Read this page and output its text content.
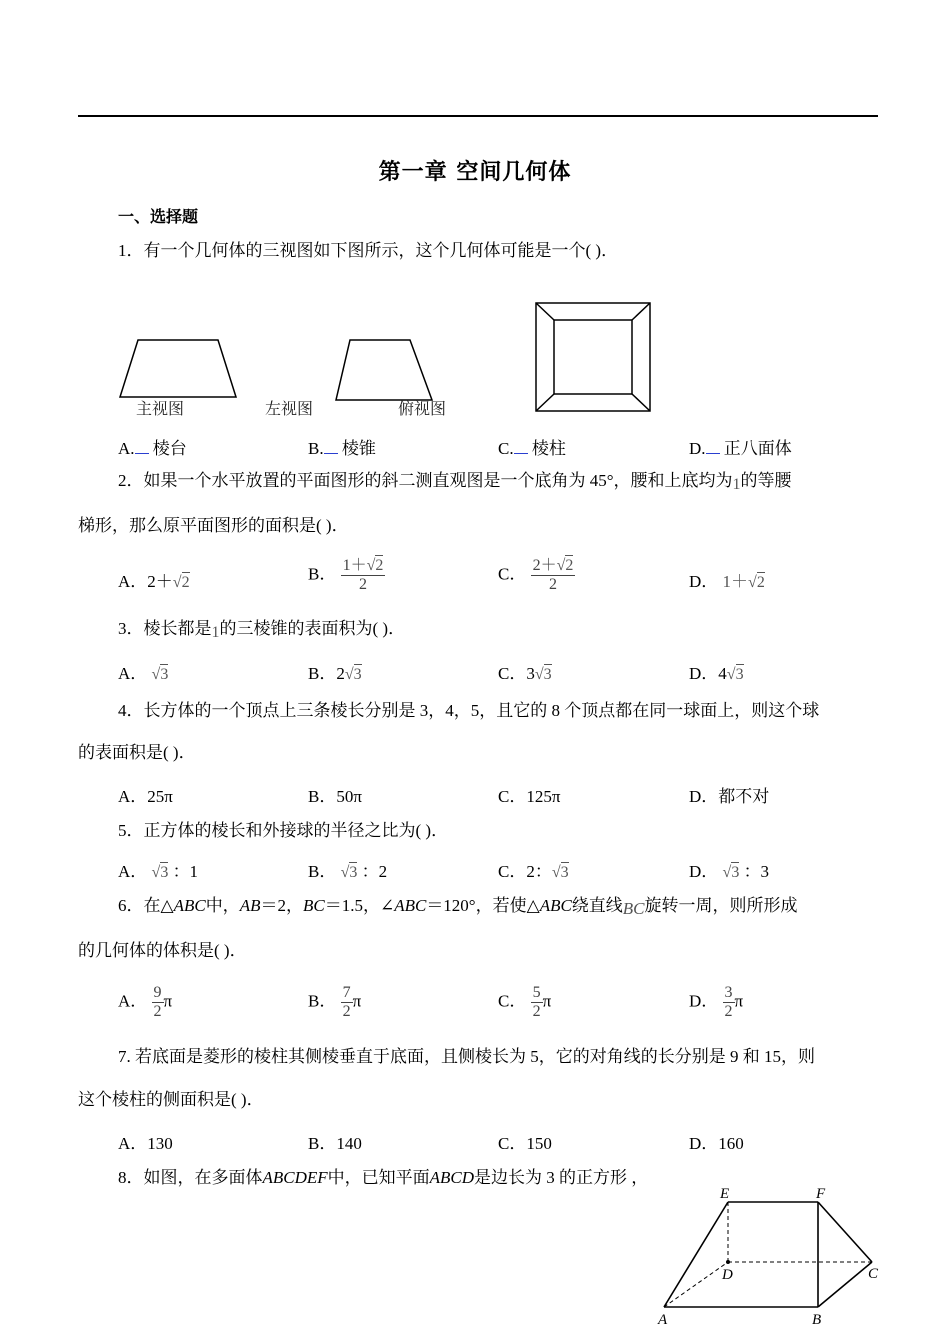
第一章 空间几何体
一、选择题
1．有一个几何体的三视图如下图所示，这个几何体可能是一个( )．
主视图	左视图	俯视图
A. 棱台	B. 棱锥	C. 棱柱	D. 正八面体
2．如果一个水平放置的平面图形的斜二测直观图是一个底角为 45°，腰和上底均为1的等腰
梯形，那么原平面图形的面积是( )．
A．2＋√2	B． $\frac{1+√2}{2}$	C． $\frac{2+√2}{2}$	D． 1＋√2
3．棱长都是1的三棱锥的表面积为( )．
A． √3	B．2√3	C．3√3	D．4√3
4．长方体的一个顶点上三条棱长分别是 3，4，5，且它的 8 个顶点都在同一球面上，则这个球
的表面积是( )．
A．25π	B．50π	C．125π	D．都不对
5．正方体的棱长和外接球的半径之比为( )．
A． √3 ：1	B． √3 ：2	C．2：√3	D． √3 ：3
6．在△ABC中，AB＝2，BC＝1.5，∠ABC＝120°，若使△ABC绕直线BC旋转一周，则所形成
的几何体的体积是( )．
A． $\frac{9}{2}$ π	B． $\frac{7}{2}$ π	C． $\frac{5}{2}$ π	D． $\frac{3}{2}$ π
7. 若底面是菱形的棱柱其侧棱垂直于底面，且侧棱长为 5，它的对角线的长分别是 9 和 15，则
这个棱柱的侧面积是( )．
A．130	B．140	C．150	D．160
8．如图，在多面体ABCDEF中，已知平面ABCD是边长为 3 的正方形 ，
E	F
D	C
A	B
